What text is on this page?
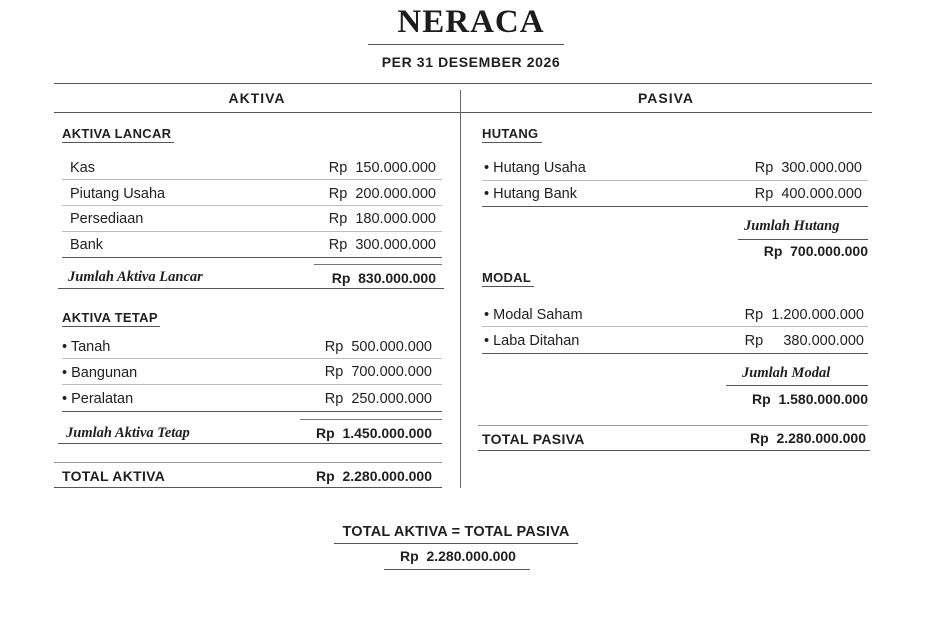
NERACA
PER 31 DESEMBER 2026
AKTIVA	PASIVA
AKTIVA LANCAR
Kas	Rp  150.000.000
Piutang Usaha	Rp  200.000.000
Persediaan	Rp  180.000.000
Bank	Rp  300.000.000
Jumlah Aktiva Lancar	Rp  830.000.000
AKTIVA TETAP
• Tanah	Rp  500.000.000
• Bangunan	Rp  700.000.000
• Peralatan	Rp  250.000.000
Jumlah Aktiva Tetap	Rp  1.450.000.000
TOTAL AKTIVA	Rp  2.280.000.000
HUTANG
• Hutang Usaha	Rp  300.000.000
• Hutang Bank	Rp  400.000.000
Jumlah Hutang
Rp  700.000.000
MODAL
• Modal Saham	Rp  1.200.000.000
• Laba Ditahan	Rp     380.000.000
Jumlah Modal
Rp  1.580.000.000
TOTAL PASIVA	Rp  2.280.000.000
TOTAL AKTIVA = TOTAL PASIVA
Rp  2.280.000.000
